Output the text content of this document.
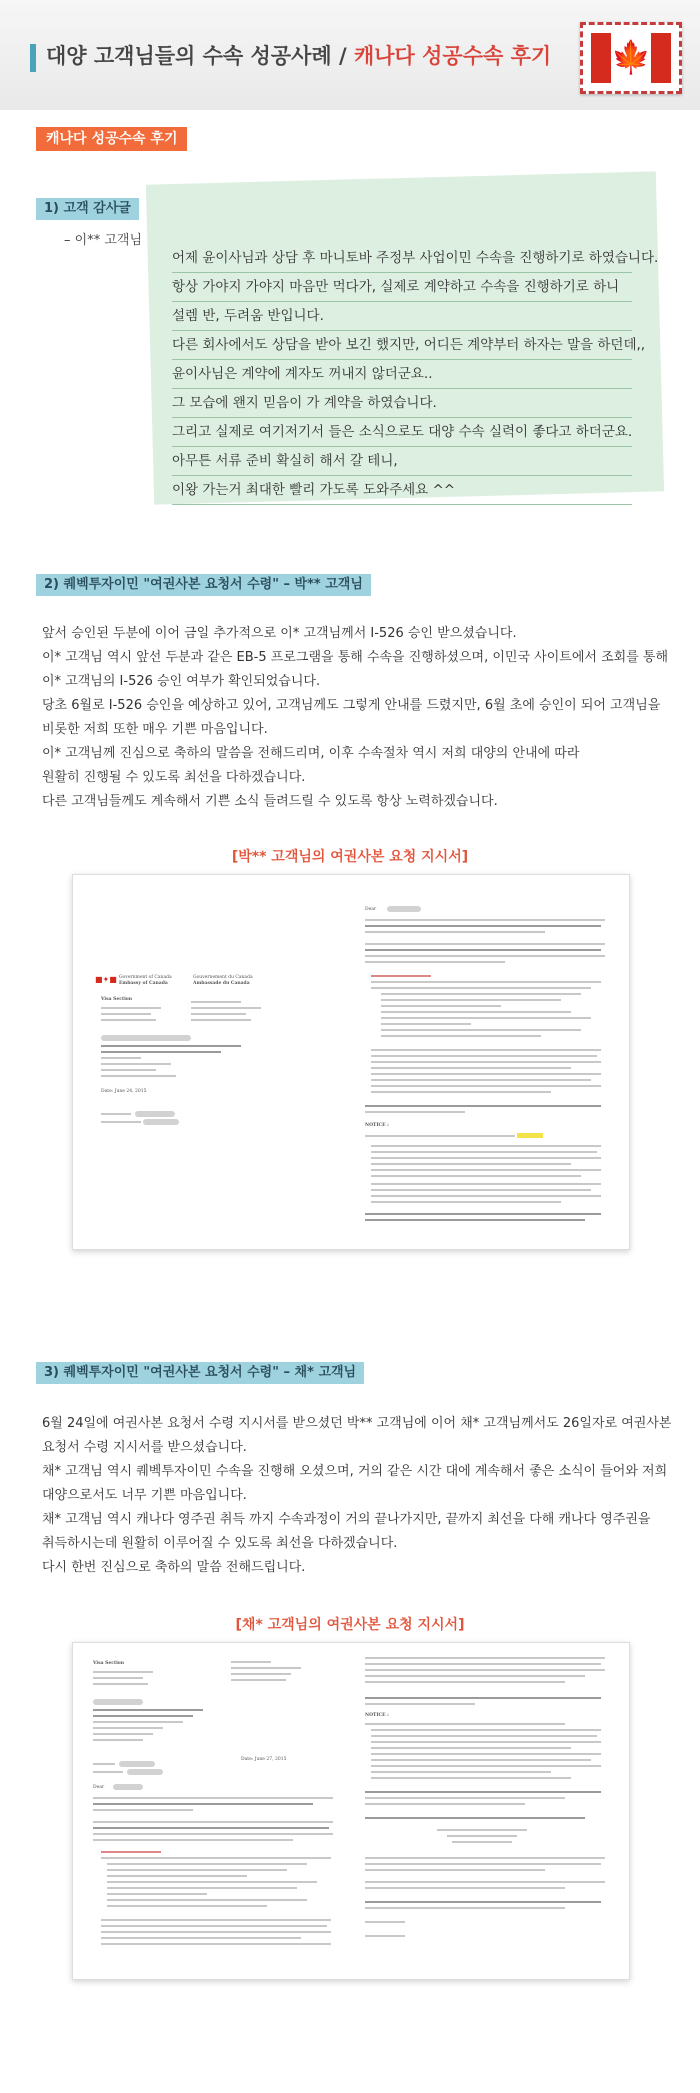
대양 고객님들의 수속 성공사례 / 캐나다 성공수속 후기 🍁
캐나다 성공수속 후기
1) 고객 감사글
– 이** 고객님
어제 윤이사님과 상담 후 마니토바 주정부 사업이민 수속을 진행하기로 하였습니다.
항상 가야지 가야지 마음만 먹다가, 실제로 계약하고 수속을 진행하기로 하니
설렘 반, 두려움 반입니다.
다른 회사에서도 상담을 받아 보긴 했지만, 어디든 계약부터 하자는 말을 하던데,,
윤이사님은 계약에 계자도 꺼내지 않더군요..
그 모습에 왠지 믿음이 가 계약을 하였습니다.
그리고 실제로 여기저기서 들은 소식으로도 대양 수속 실력이 좋다고 하더군요.
아무튼 서류 준비 확실히 해서 갈 테니,
이왕 가는거 최대한 빨리 가도록 도와주세요 ^^
2) 퀘벡투자이민 "여권사본 요청서 수령" – 박** 고객님
앞서 승인된 두분에 이어 금일 추가적으로 이* 고객님께서 I-526 승인 받으셨습니다.
이* 고객님 역시 앞선 두분과 같은 EB-5 프로그램을 통해 수속을 진행하셨으며, 이민국 사이트에서 조회를 통해
이* 고객님의 I-526 승인 여부가 확인되었습니다.
당초 6월로 I-526 승인을 예상하고 있어, 고객님께도 그렇게 안내를 드렸지만, 6월 초에 승인이 되어 고객님을
비롯한 저희 또한 매우 기쁜 마음입니다.
이* 고객님께 진심으로 축하의 말씀을 전해드리며, 이후 수속절차 역시 저희 대양의 안내에 따라
원활히 진행될 수 있도록 최선을 다하겠습니다.
다른 고객님들께도 계속해서 기쁜 소식 들려드릴 수 있도록 항상 노력하겠습니다.
[박** 고객님의 여권사본 요청 지시서]
■✦■ Government of Canada
Embassy of Canada
Gouvernement du Canada
Ambassade du Canada
Visa Section
Date: June 24, 2015
Dear
NOTICE :
3) 퀘벡투자이민 "여권사본 요청서 수령" – 채* 고객님
6월 24일에 여권사본 요청서 수령 지시서를 받으셨던 박** 고객님에 이어 채* 고객님께서도 26일자로 여권사본
요청서 수령 지시서를 받으셨습니다.
채* 고객님 역시 퀘벡투자이민 수속을 진행해 오셨으며, 거의 같은 시간 대에 계속해서 좋은 소식이 들어와 저희
대양으로서도 너무 기쁜 마음입니다.
채* 고객님 역시 캐나다 영주권 취득 까지 수속과정이 거의 끝나가지만, 끝까지 최선을 다해 캐나다 영주권을
취득하시는데 원활히 이루어질 수 있도록 최선을 다하겠습니다.
다시 한번 진심으로 축하의 말씀 전해드립니다.
[채* 고객님의 여권사본 요청 지시서]
Visa Section
Date: June 27, 2015
Dear
NOTICE :
